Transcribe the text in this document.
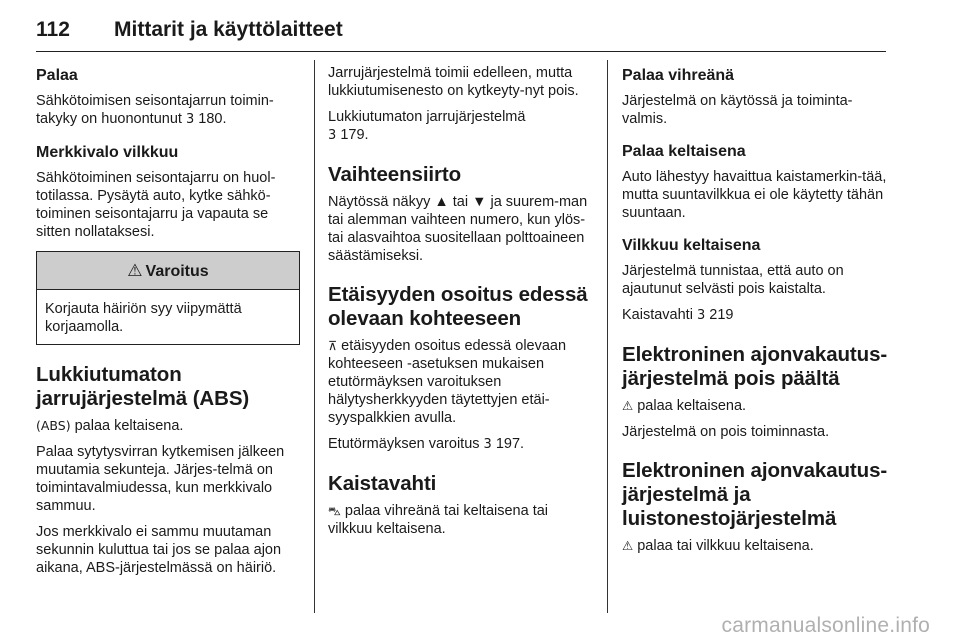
112 Mittarit ja käyttölaitteet
Palaa

Sähkötoimisen seisontajarrun toimin-takyky on huonontunut 3 180.

Merkkivalo vilkkuu

Sähkötoiminen seisontajarru on huol-totilassa. Pysäytä auto, kytke sähkö-toiminen seisontajarru ja vapauta se sitten nollataksesi.

⚠ Varoitus

Korjauta häiriön syy viipymättä korjaamolla.

Lukkiutumaton jarrujärjestelmä (ABS)

(ABS) palaa keltaisena.

Palaa sytytysvirran kytkemisen jälkeen muutamia sekunteja. Järjes-telmä on toimintavalmiudessa, kun merkkivalo sammuu.

Jos merkkivalo ei sammu muutaman sekunnin kuluttua tai jos se palaa ajon aikana, ABS-järjestelmässä on häiriö.

Jarrujärjestelmä toimii edelleen, mutta lukkiutumisenesto on kytkeyty-nyt pois.

Lukkiutumaton jarrujärjestelmä
3 179.

Vaihteensiirto

Näytössä näkyy ▲ tai ▼ ja suurem-man tai alemman vaihteen numero, kun ylös- tai alasvaihtoa suositellaan polttoaineen säästämiseksi.

Etäisyyden osoitus edessä olevaan kohteeseen

⊼ etäisyyden osoitus edessä olevaan kohteeseen -asetuksen mukaisen etutörmäyksen varoituksen hälytysherkkyyden täytettyjen etäi-syyspalkkien avulla.

Etutörmäyksen varoitus 3 197.

Kaistavahti

⛍ palaa vihreänä tai keltaisena tai vilkkuu keltaisena.

Palaa vihreänä

Järjestelmä on käytössä ja toiminta-valmis.

Palaa keltaisena

Auto lähestyy havaittua kaistamerkin-tää, mutta suuntavilkkua ei ole käytetty tähän suuntaan.

Vilkkuu keltaisena

Järjestelmä tunnistaa, että auto on ajautunut selvästi pois kaistalta.

Kaistavahti 3 219

Elektroninen ajonvakautus-järjestelmä pois päältä

⚠ palaa keltaisena.

Järjestelmä on pois toiminnasta.

Elektroninen ajonvakautus-järjestelmä ja luistonestojärjestelmä

⚠ palaa tai vilkkuu keltaisena.

carmanualsonline.info
